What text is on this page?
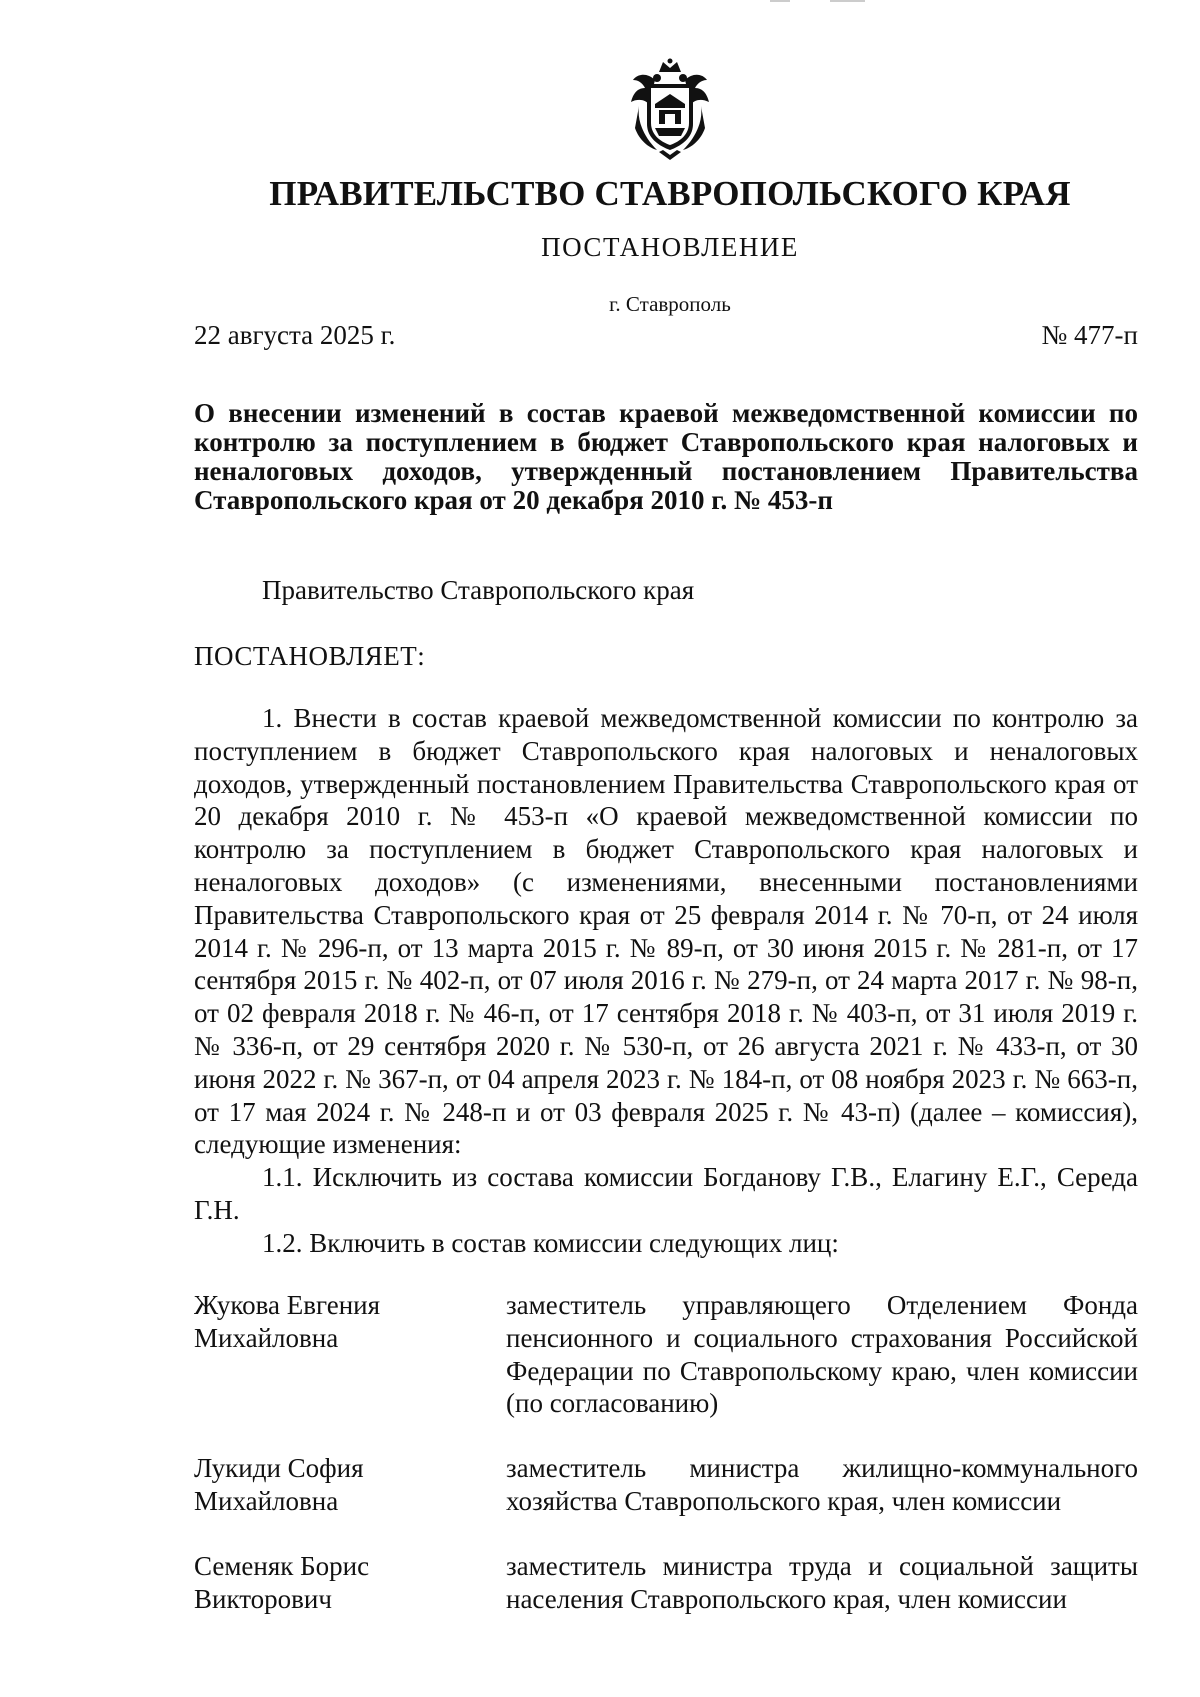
ПРАВИТЕЛЬСТВО СТАВРОПОЛЬСКОГО КРАЯ
ПОСТАНОВЛЕНИЕ
г. Ставрополь
22 августа 2025 г.	№ 477-п

О внесении изменений в состав краевой межведомственной комиссии по контролю за поступлением в бюджет Ставропольского края налоговых и неналоговых доходов, утвержденный постановлением Правительства Ставропольского края от 20 декабря 2010 г. № 453-п

Правительство Ставропольского края
ПОСТАНОВЛЯЕТ:

1. Внести в состав краевой межведомственной комиссии по контролю за поступлением в бюджет Ставропольского края налоговых и неналоговых доходов, утвержденный постановлением Правительства Ставропольского края от 20 декабря 2010 г. № 453-п «О краевой межведомственной комиссии по контролю за поступлением в бюджет Ставропольского края налоговых и неналоговых доходов» (с изменениями, внесенными постановлениями Правительства Ставропольского края от 25 февраля 2014 г. № 70-п, от 24 июля 2014 г. № 296-п, от 13 марта 2015 г. № 89-п, от 30 июня 2015 г. № 281-п, от 17 сентября 2015 г. № 402-п, от 07 июля 2016 г. № 279-п, от 24 марта 2017 г. № 98-п, от 02 февраля 2018 г. № 46-п, от 17 сентября 2018 г. № 403-п, от 31 июля 2019 г. № 336-п, от 29 сентября 2020 г. № 530-п, от 26 августа 2021 г. № 433-п, от 30 июня 2022 г. № 367-п, от 04 апреля 2023 г. № 184-п, от 08 ноября 2023 г. № 663-п, от 17 мая 2024 г. № 248-п и от 03 февраля 2025 г. № 43-п) (далее – комиссия), следующие изменения:

1.1. Исключить из состава комиссии Богданову Г.В., Елагину Е.Г., Середа Г.Н.

1.2. Включить в состав комиссии следующих лиц:

Жукова Евгения
Михайловна
заместитель управляющего Отделением Фонда пенсионного и социального страхования Российской Федерации по Ставропольскому краю, член комиссии (по согласованию)
Лукиди София
Михайловна
заместитель министра жилищно-коммунального хозяйства Ставропольского края, член комиссии
Семеняк Борис
Викторович
заместитель министра труда и социальной защиты населения Ставропольского края, член комиссии
